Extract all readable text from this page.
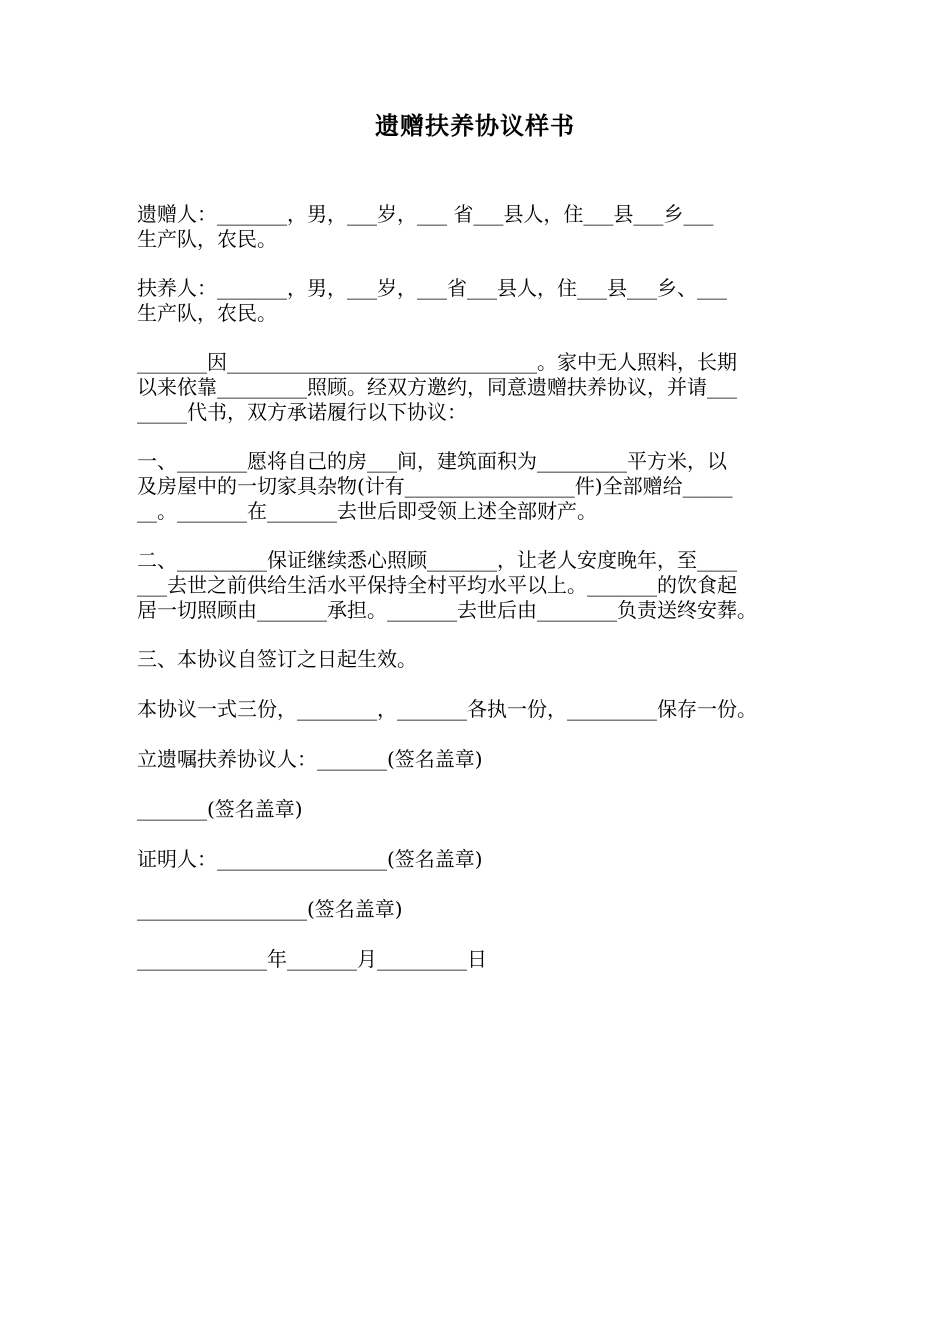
遗赠扶养协议样书
遗赠人：_______，男，___岁，___ 省___县人，住___县___乡___
生产队，农民。
扶养人：_______，男，___岁，___省___县人，住___县___乡、___
生产队，农民。
_______因_______________________________。家中无人照料，长期
以来依靠_________照顾。经双方邀约，同意遗赠扶养协议，并请___
_____代书，双方承诺履行以下协议：
一、_______愿将自己的房___间，建筑面积为_________平方米，以
及房屋中的一切家具杂物(计有_________________件)全部赠给_____
__。_______在_______去世后即受领上述全部财产。
二、_________保证继续悉心照顾_______，让老人安度晚年，至____
___去世之前供给生活水平保持全村平均水平以上。_______的饮食起
居一切照顾由_______承担。_______去世后由________负责送终安葬。
三、本协议自签订之日起生效。
本协议一式三份，________，_______各执一份，_________保存一份。
立遗嘱扶养协议人：_______(签名盖章)
_______(签名盖章)
证明人：_________________(签名盖章)
_________________(签名盖章)
_____________年_______月_________日
